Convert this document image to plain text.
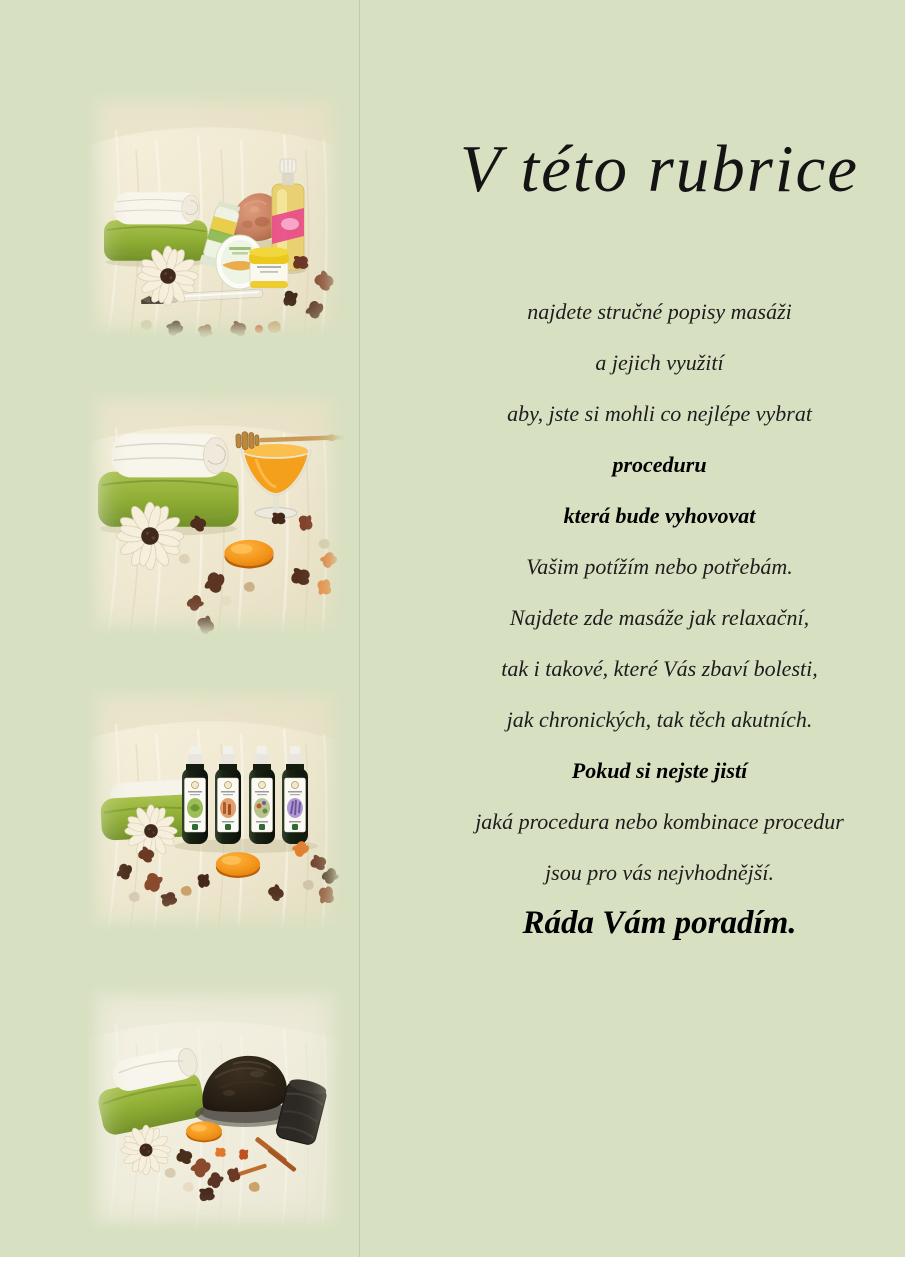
V této rubrice
najdete stručné popisy masáži
a jejich využití
aby, jste si mohli co nejlépe vybrat
proceduru
která bude vyhovovat
Vašim potížím nebo potřebám.
Najdete zde masáže jak relaxační,
tak i takové, které Vás zbaví bolesti,
jak chronických, tak těch akutních.
Pokud si nejste jistí
jaká procedura nebo kombinace procedur
jsou pro vás nejvhodnější.
Ráda Vám poradím.
